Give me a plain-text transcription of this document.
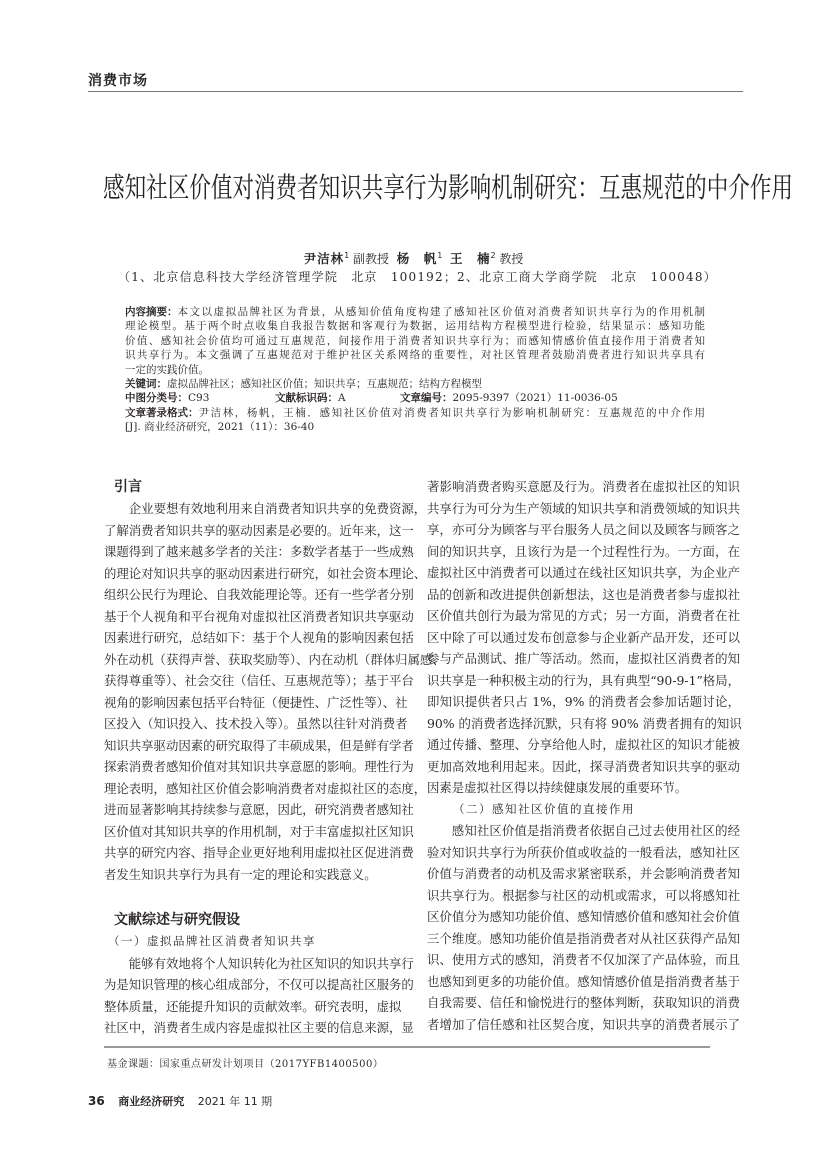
消费市场
感知社区价值对消费者知识共享行为影响机制研究：互惠规范的中介作用
尹洁林$^1$ 副教授 杨　帆$^1$ 王　楠$^2$ 教授
（1、北京信息科技大学经济管理学院　北京　100192；2、北京工商大学商学院　北京　100048）
内容摘要： 本文以虚拟品牌社区为背景，从感知价值角度构建了感知社区价值对消费者知识共享行为的作用机制
理论模型。基于两个时点收集自我报告数据和客观行为数据，运用结构方程模型进行检验，结果显示：感知功能
价值、感知社会价值均可通过互惠规范，间接作用于消费者知识共享行为；而感知情感价值直接作用于消费者知
识共享行为。本文强调了互惠规范对于维护社区关系网络的重要性，对社区管理者鼓励消费者进行知识共享具有
一定的实践价值。
关键词： 虚拟品牌社区；感知社区价值；知识共享；互惠规范；结构方程模型
中图分类号：C93	文献标识码：A	文章编号：2095-9397（2021）11-0036-05
文章著录格式： 尹洁林，杨帆，王楠．感知社区价值对消费者知识共享行为影响机制研究：互惠规范的中介作用
[J]. 商业经济研究，2021（11）：36-40
引言
企业要想有效地利用来自消费者知识共享的免费资源，
了解消费者知识共享的驱动因素是必要的。近年来，这一
课题得到了越来越多学者的关注：多数学者基于一些成熟
的理论对知识共享的驱动因素进行研究，如社会资本理论、
组织公民行为理论、自我效能理论等。还有一些学者分别
基于个人视角和平台视角对虚拟社区消费者知识共享驱动
因素进行研究，总结如下：基于个人视角的影响因素包括
外在动机（获得声誉、获取奖励等）、内在动机（群体归属感、
获得尊重等）、社会交往（信任、互惠规范等）；基于平台
视角的影响因素包括平台特征（便捷性、广泛性等）、社
区投入（知识投入、技术投入等）。虽然以往针对消费者
知识共享驱动因素的研究取得了丰硕成果，但是鲜有学者
探索消费者感知价值对其知识共享意愿的影响。理性行为
理论表明，感知社区价值会影响消费者对虚拟社区的态度，
进而显著影响其持续参与意愿，因此，研究消费者感知社
区价值对其知识共享的作用机制，对于丰富虚拟社区知识
共享的研究内容、指导企业更好地利用虚拟社区促进消费
者发生知识共享行为具有一定的理论和实践意义。
文献综述与研究假设
（一）虚拟品牌社区消费者知识共享
能够有效地将个人知识转化为社区知识的知识共享行
为是知识管理的核心组成部分，不仅可以提高社区服务的
整体质量，还能提升知识的贡献效率。研究表明，虚拟
社区中，消费者生成内容是虚拟社区主要的信息来源，显
著影响消费者购买意愿及行为。消费者在虚拟社区的知识
共享行为可分为生产领域的知识共享和消费领域的知识共
享，亦可分为顾客与平台服务人员之间以及顾客与顾客之
间的知识共享，且该行为是一个过程性行为。一方面，在
虚拟社区中消费者可以通过在线社区知识共享，为企业产
品的创新和改进提供创新想法，这也是消费者参与虚拟社
区价值共创行为最为常见的方式；另一方面，消费者在社
区中除了可以通过发布创意参与企业新产品开发，还可以
参与产品测试、推广等活动。然而，虚拟社区消费者的知
识共享是一种积极主动的行为，具有典型“90-9-1”格局，
即知识提供者只占 1%，9% 的消费者会参加话题讨论，
90% 的消费者选择沉默，只有将 90% 消费者拥有的知识
通过传播、整理、分享给他人时，虚拟社区的知识才能被
更加高效地利用起来。因此，探寻消费者知识共享的驱动
因素是虚拟社区得以持续健康发展的重要环节。
（二）感知社区价值的直接作用
感知社区价值是指消费者依据自己过去使用社区的经
验对知识共享行为所获价值或收益的一般看法，感知社区
价值与消费者的动机及需求紧密联系，并会影响消费者知
识共享行为。根据参与社区的动机或需求，可以将感知社
区价值分为感知功能价值、感知情感价值和感知社会价值
三个维度。感知功能价值是指消费者对从社区获得产品知
识、使用方式的感知，消费者不仅加深了产品体验，而且
也感知到更多的功能价值。感知情感价值是指消费者基于
自我需要、信任和愉悦进行的整体判断，获取知识的消费
者增加了信任感和社区契合度，知识共享的消费者展示了
基金课题：国家重点研发计划项目（2017YFB1400500）
36 商业经济研究 2021 年 11 期
